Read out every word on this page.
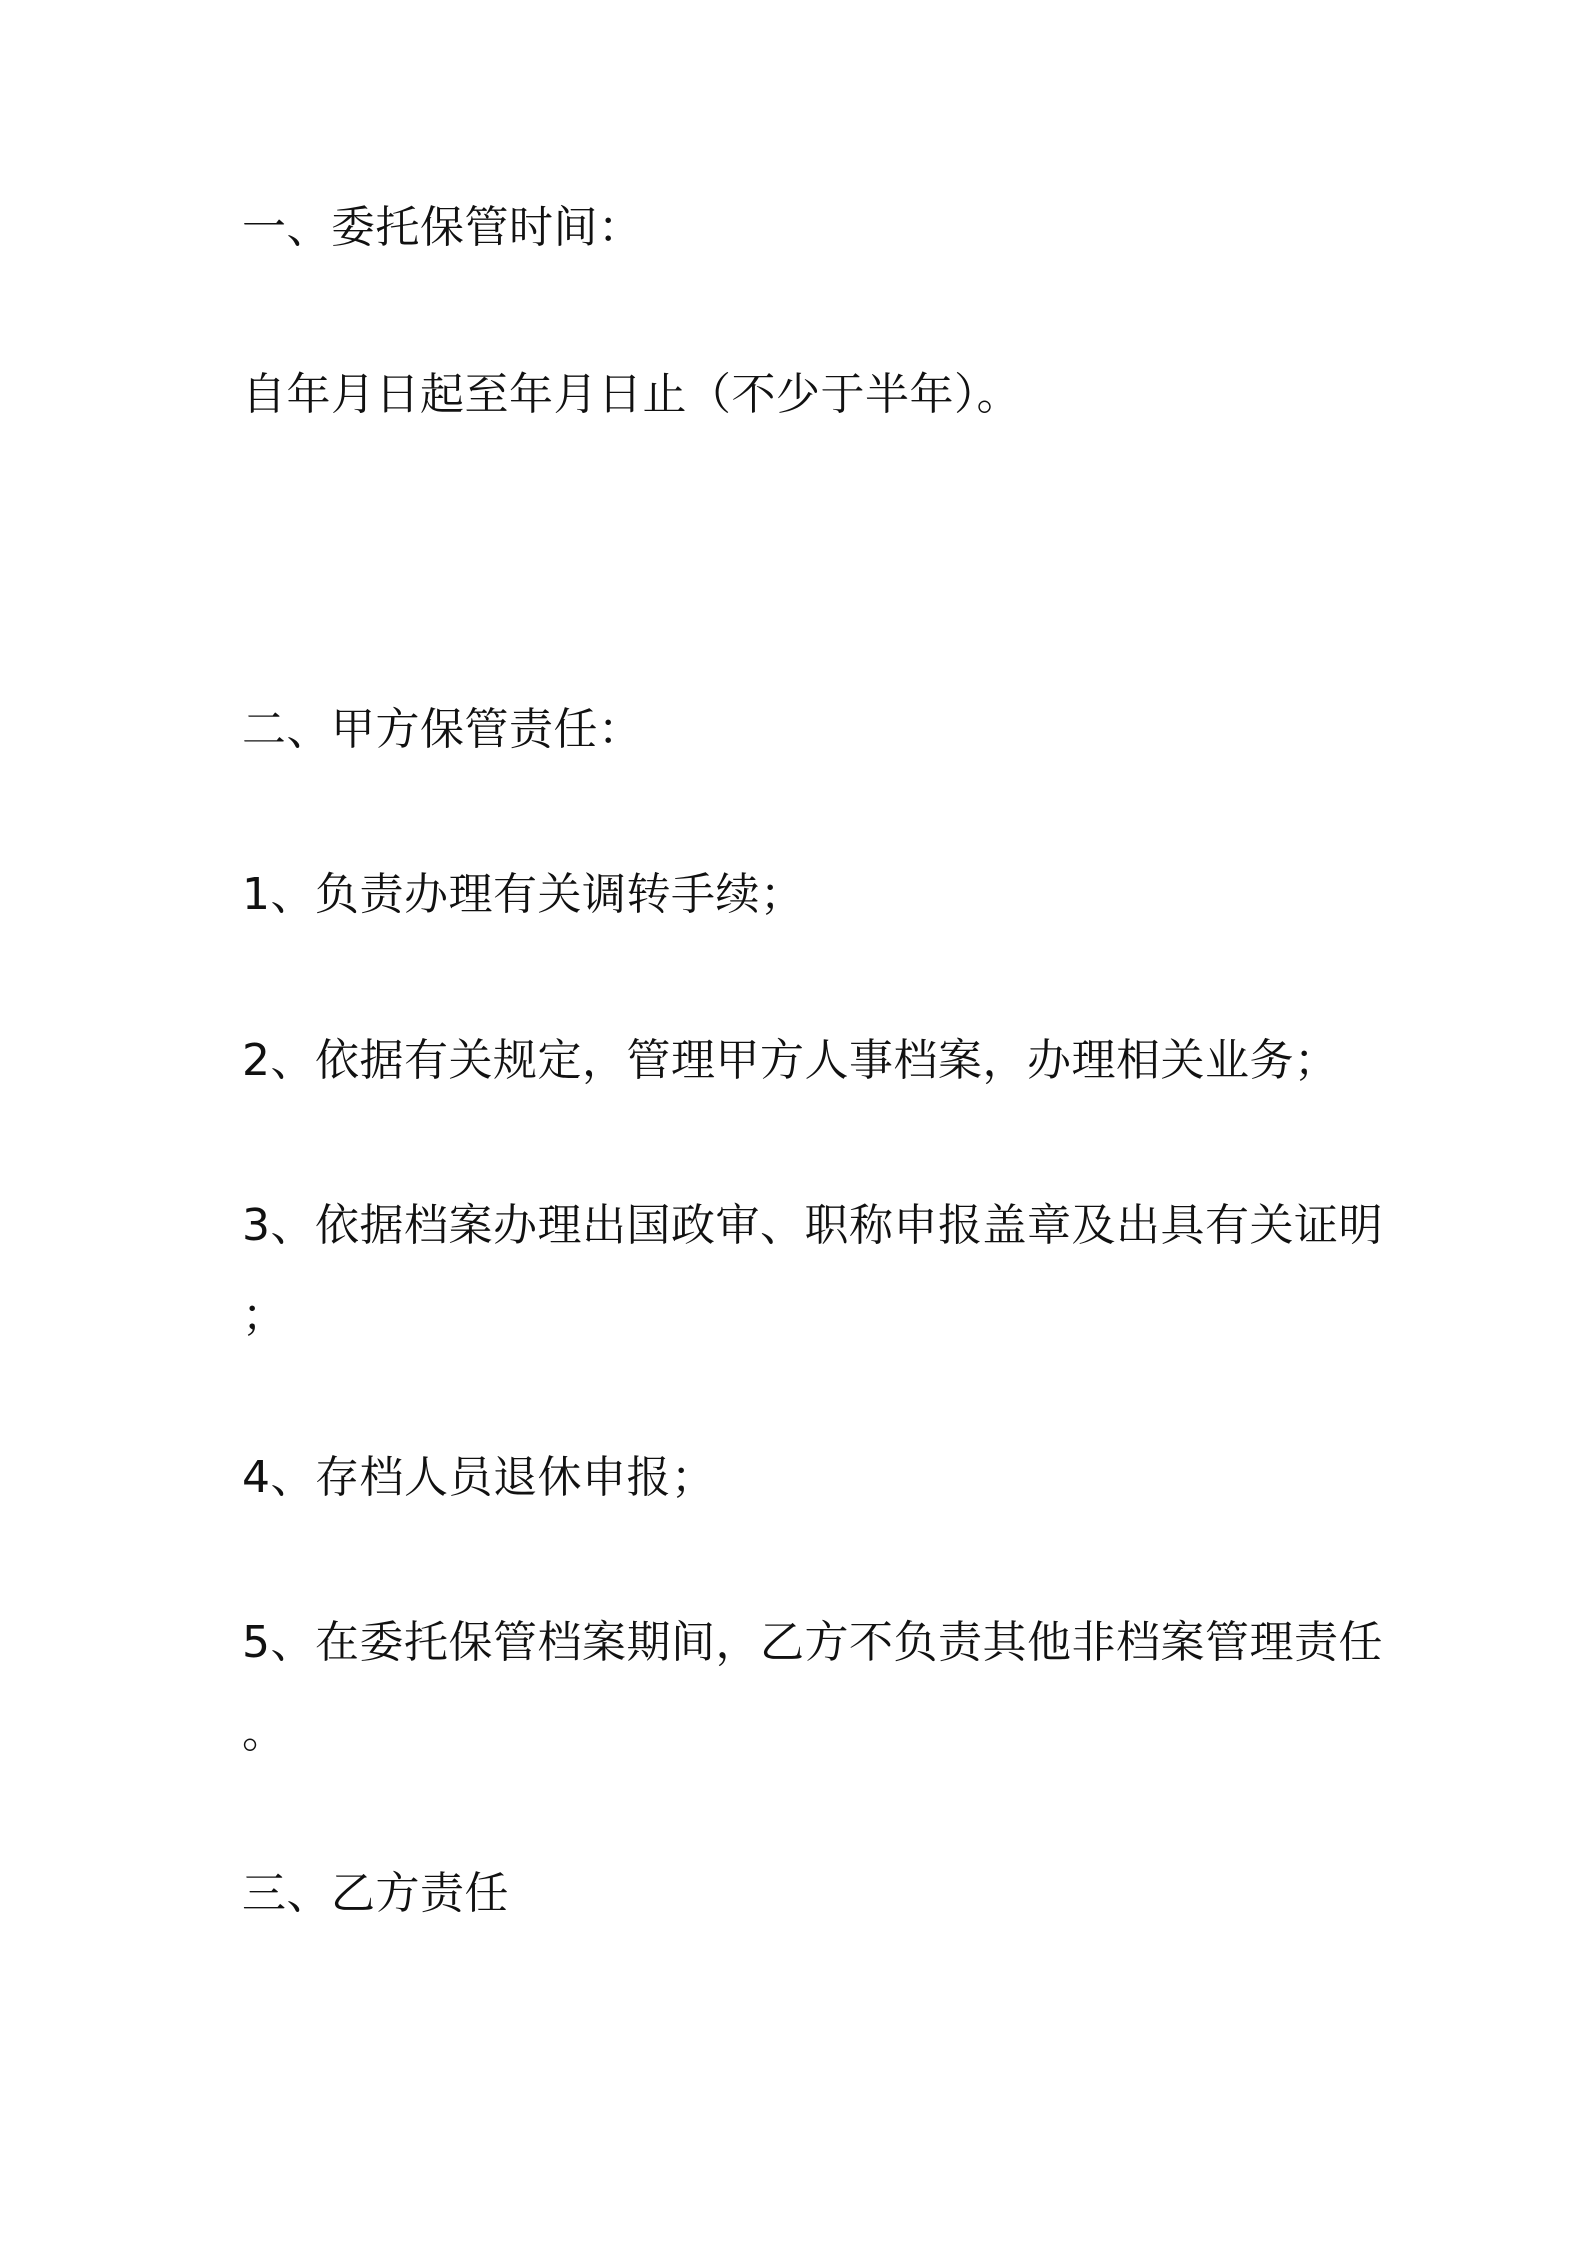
一、委托保管时间：

自年月日起至年月日止（不少于半年）。

二、甲方保管责任：

1、负责办理有关调转手续；

2、依据有关规定，管理甲方人事档案，办理相关业务；

3、依据档案办理出国政审、职称申报盖章及出具有关证明

；

4、存档人员退休申报；

5、在委托保管档案期间，乙方不负责其他非档案管理责任

。

三、乙方责任
